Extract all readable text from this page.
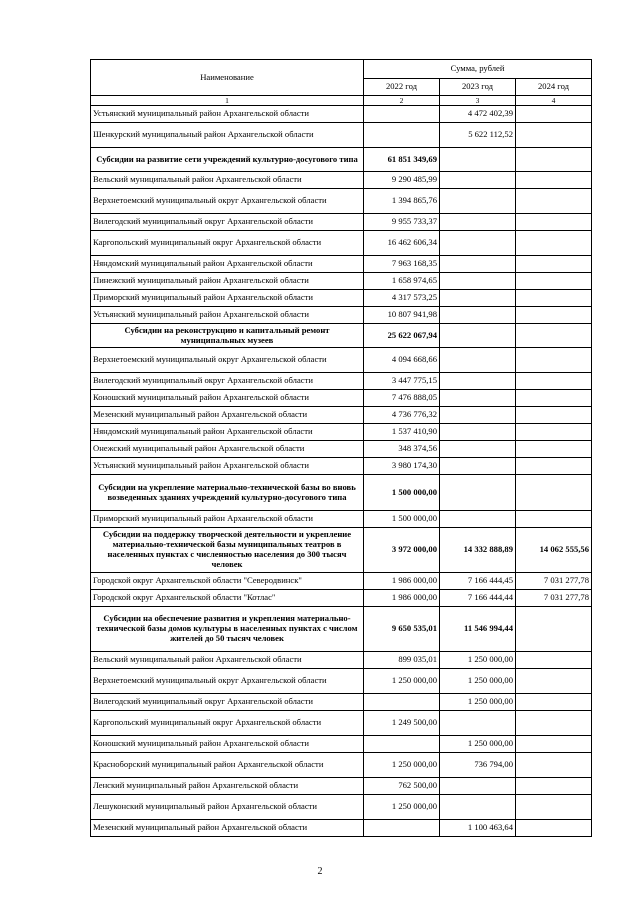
Наименование	Сумма, рублей		
	2022 год	2023 год	2024 год
1	2	3	4
Устьянский муниципальный район Архангельской области		4 472 402,39	
Шенкурский муниципальный район Архангельской области		5 622 112,52	
Субсидии на развитие сети учреждений культурно-досугового типа	61 851 349,69		
Вельский муниципальный район Архангельской области	9 290 485,99		
Верхнетоемский муниципальный округ Архангельской области	1 394 865,76		
Вилегодский муниципальный округ Архангельской области	9 955 733,37		
Каргопольский муниципальный округ Архангельской области	16 462 606,34		
Няндомский муниципальный район Архангельской области	7 963 168,35		
Пинежский муниципальный район Архангельской области	1 658 974,65		
Приморский муниципальный район Архангельской области	4 317 573,25		
Устьянский муниципальный район Архангельской области	10 807 941,98		
Субсидии на реконструкцию и капитальный ремонт муниципальных музеев	25 622 067,94		
Верхнетоемский муниципальный округ Архангельской области	4 094 668,66		
Вилегодский муниципальный округ Архангельской области	3 447 775,15		
Коношский муниципальный район Архангельской области	7 476 888,05		
Мезенский муниципальный район Архангельской области	4 736 776,32		
Няндомский муниципальный район Архангельской области	1 537 410,90		
Онежский муниципальный район Архангельской области	348 374,56		
Устьянский муниципальный район Архангельской области	3 980 174,30		
Субсидии на укрепление материально-технической базы во вновь возведенных зданиях учреждений культурно-досугового типа	1 500 000,00		
Приморский муниципальный район Архангельской области	1 500 000,00		
Субсидии на поддержку творческой деятельности и укрепление материально-технической базы муниципальных театров в населенных пунктах с численностью населения до 300 тысяч человек	3 972 000,00	14 332 888,89	14 062 555,56
Городской округ Архангельской области "Северодвинск"	1 986 000,00	7 166 444,45	7 031 277,78
Городской округ Архангельской области "Котлас"	1 986 000,00	7 166 444,44	7 031 277,78
Субсидии на обеспечение развития и укрепления материально-технической базы домов культуры в населенных пунктах с числом жителей до 50 тысяч человек	9 650 535,01	11 546 994,44	
Вельский муниципальный район Архангельской области	899 035,01	1 250 000,00	
Верхнетоемский муниципальный округ Архангельской области	1 250 000,00	1 250 000,00	
Вилегодский муниципальный округ Архангельской области		1 250 000,00	
Каргопольский муниципальный округ Архангельской области	1 249 500,00		
Коношский муниципальный район Архангельской области		1 250 000,00	
Красноборский муниципальный район Архангельской области	1 250 000,00	736 794,00	
Ленский муниципальный район Архангельской области	762 500,00		
Лешуконский муниципальный район Архангельской области	1 250 000,00		
Мезенский муниципальный район Архангельской области		1 100 463,64	
2
